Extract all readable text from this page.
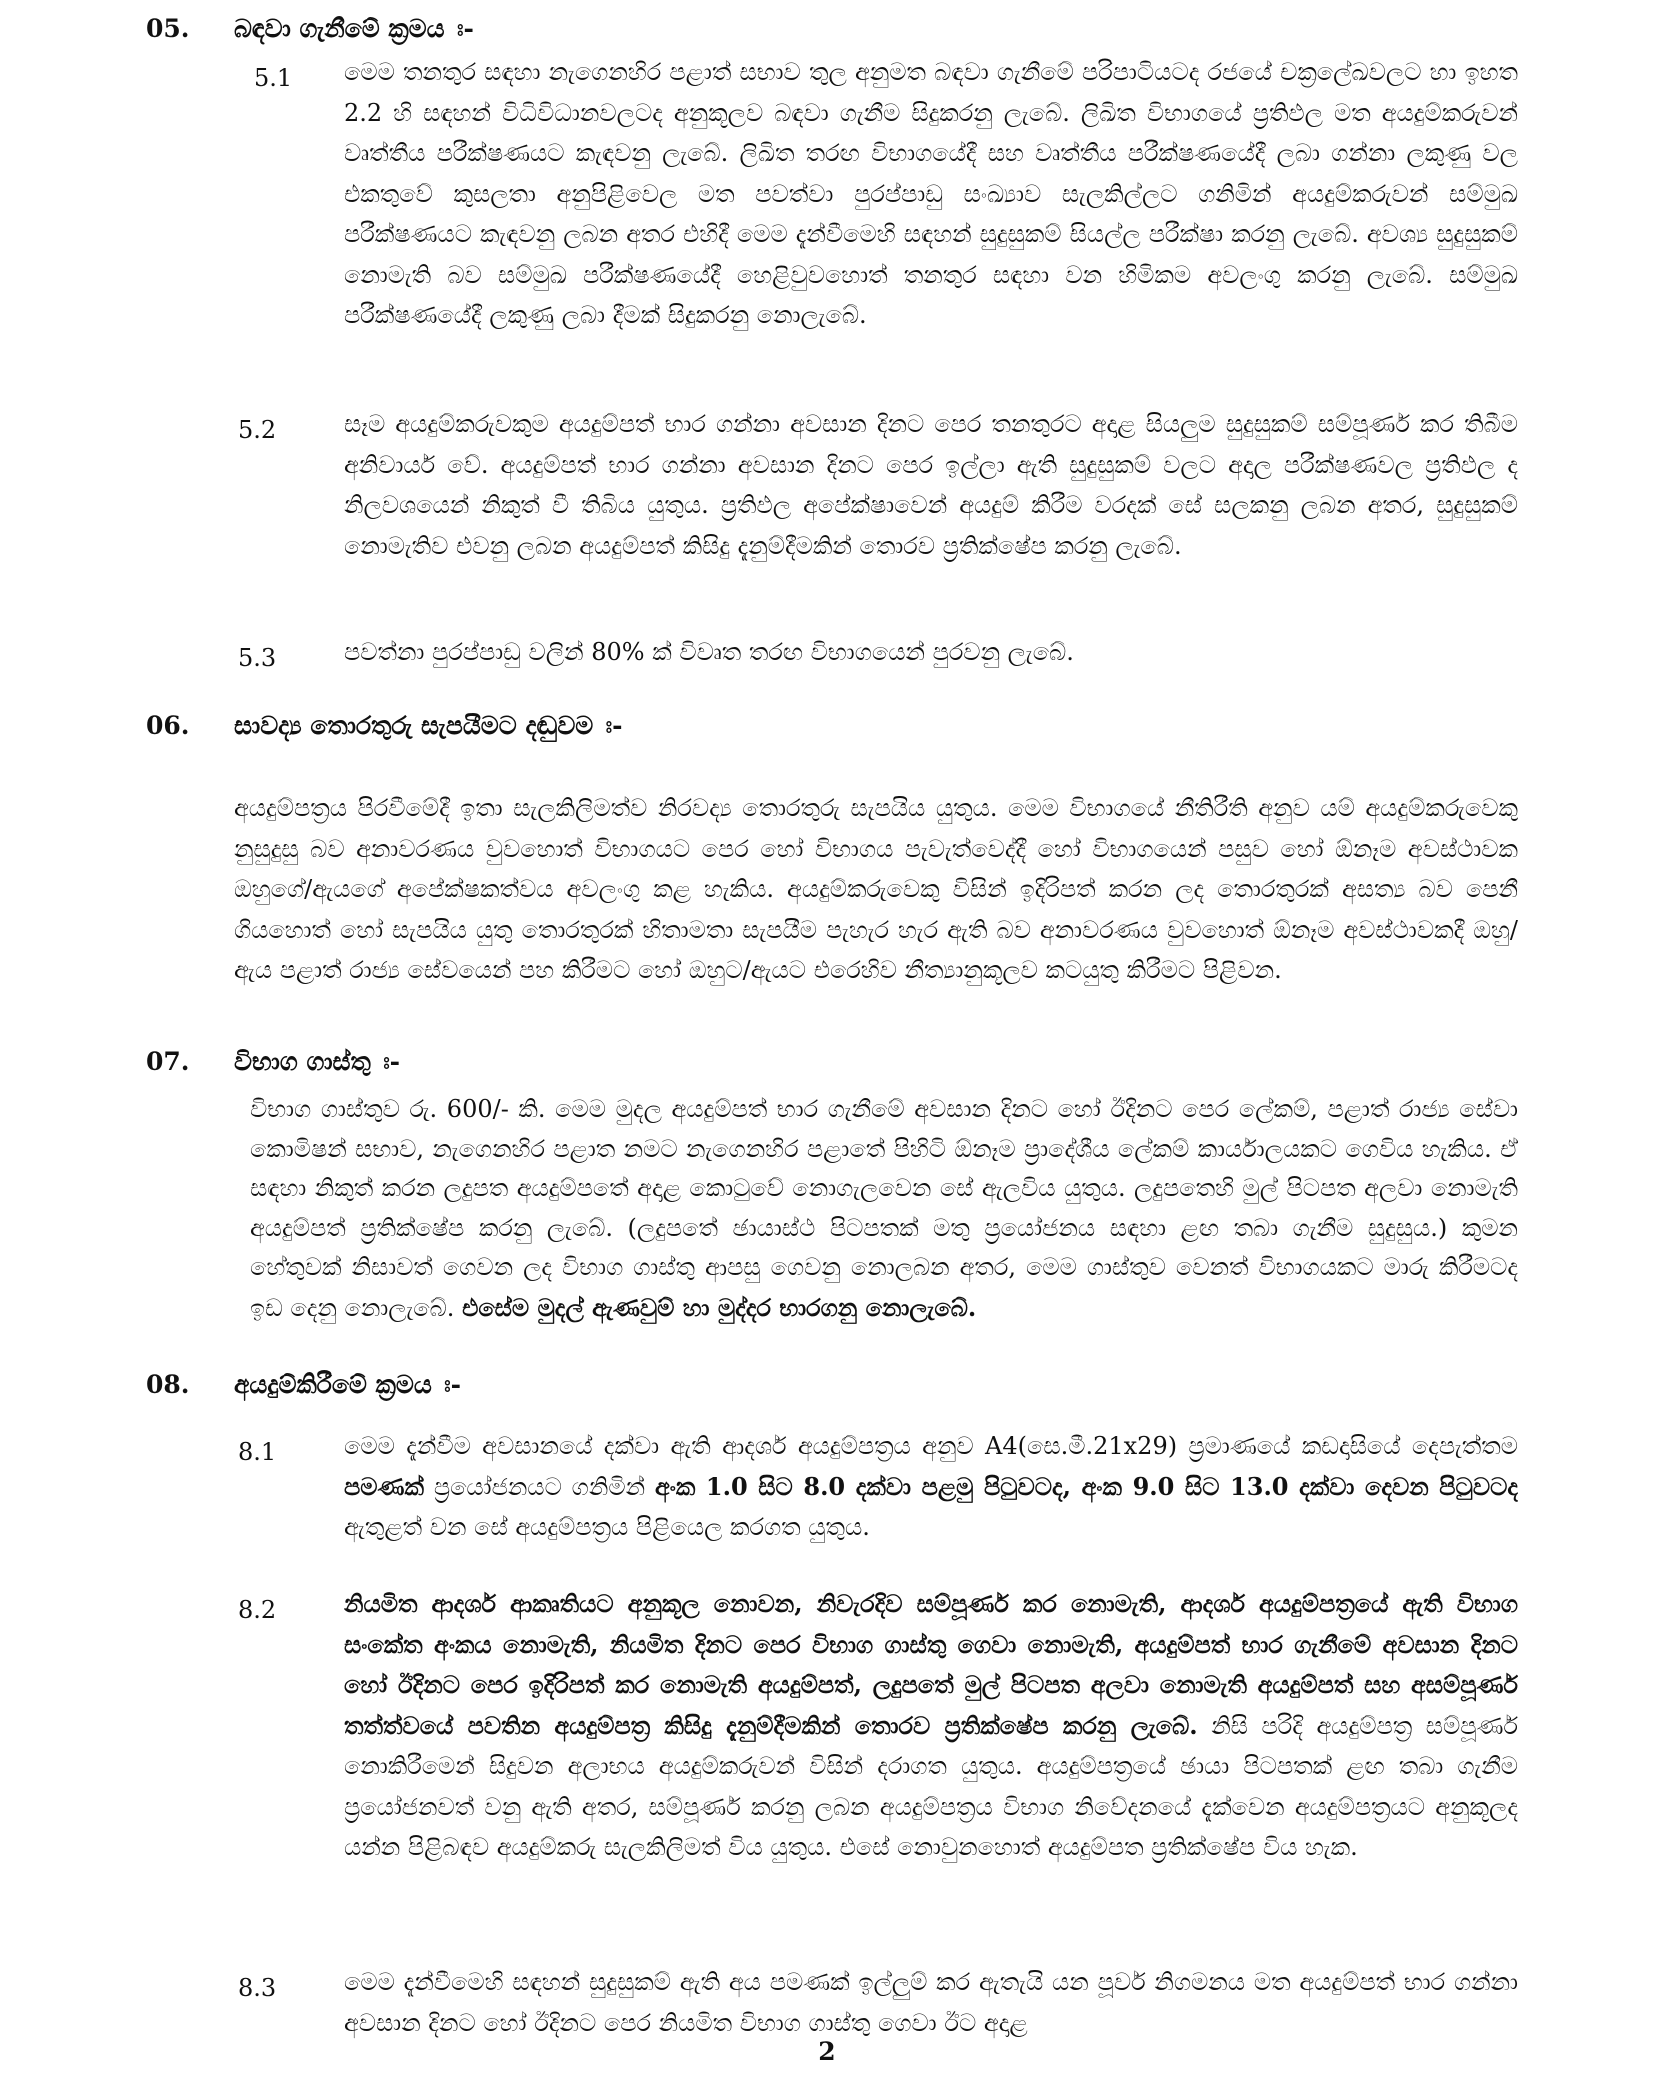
05. බඳවා ගැනීමේ ක්‍රමය ඃ-
5.1 මෙම තනතුර සඳහා නැගෙනහිර පළාත් සභාව තුල අනුමත බඳවා ගැනීමේ පරිපාටියටද රජයේ චක්‍රලේඛවලට හා ඉහත 2.2 හි සඳහන් විධිවිධානවලටද අනුකූලව බඳවා ගැනීම සිදුකරනු ලැබේ. ලිඛිත විභාගයේ ප්‍රතිඵල මත අයදුම්කරුවන් වෘත්තීය පරීක්ෂණයට කැඳවනු ලැබේ. ලිඛිත තරඟ විභාගයේදී සහ වෘත්තීය පරීක්ෂණයේදී ලබා ගන්නා ලකුණු වල එකතුවේ කුසලතා අනුපිළිවෙල මත පවත්වා පුරප්පාඩු සංඛ්‍යාව සැලකිල්ලට ගනිමින් අයදුම්කරුවන් සම්මුඛ පරීක්ෂණයට කැඳවනු ලබන අතර එහිදී මෙම දැන්වීමෙහි සඳහන් සුදුසුකම් සියල්ල පරීක්ෂා කරනු ලැබේ. අවශ්‍ය සුදුසුකම් නොමැති බව සම්මුඛ පරීක්ෂණයේදී හෙළිවුවහොත් තනතුර සඳහා වන හිමිකම අවලංගු කරනු ලැබේ. සම්මුඛ පරීක්ෂණයේදී ලකුණු ලබා දීමක් සිදුකරනු නොලැබේ.

5.2	සෑම අයදුම්කරුවකුම අයදුම්පත් භාර ගන්නා අවසාන දිනට පෙර තනතුරට අදාළ සියලුම සුදුසුකම් සම්පූර්ණ කර තිබීම අනිවාර්ය වේ. අයදුම්පත් භාර ගන්නා අවසාන දිනට පෙර ඉල්ලා ඇති සුදුසුකම් වලට අදාල පරීක්ෂණවල ප්‍රතිඵල ද නිලවශයෙන් නිකුත් වී තිබිය යුතුය. ප්‍රතිඵල අපේක්ෂාවෙන් අයදුම් කිරීම වරදක් සේ සලකනු ලබන අතර, සුදුසුකම් නොමැතිව එවනු ලබන අයදුම්පත් කිසිදු දැනුම්දීමකින් තොරව ප්‍රතික්ෂේප කරනු ලැබේ.

5.3	පවත්නා පුරප්පාඩු වලින් 80% ක් විවෘත තරඟ විභාගයෙන් පුරවනු ලැබේ.

06. සාවද්‍ය තොරතුරු සැපයීමට දඬුවම ඃ-

අයදුම්පත්‍රය පිරවීමේදී ඉතා සැලකිලිමත්ව නිරවද්‍ය තොරතුරු සැපයිය යුතුය. මෙම විභාගයේ නීතිරීති අනුව යම් අයදුම්කරුවෙකු නුසුදුසු බව අනාවරණය වුවහොත් විභාගයට පෙර හෝ විභාගය පැවැත්වෙද්දී හෝ විභාගයෙන් පසුව හෝ ඕනෑම අවස්ථාවක ඔහුගේ/ඇයගේ අපේක්ෂකත්වය අවලංගු කළ හැකිය. අයදුම්කරුවෙකු විසින් ඉදිරිපත් කරන ලද තොරතුරක් අසත්‍ය බව පෙනී ගියහොත් හෝ සැපයිය යුතු තොරතුරක් හිතාමතා සැපයීම පැහැර හැර ඇති බව අනාවරණය වුවහොත් ඕනෑම අවස්ථාවකදී ඔහු/ඇය පළාත් රාජ්‍ය සේවයෙන් පහ කිරීමට හෝ ඔහුට/ඇයට එරෙහිව නීත්‍යානුකූලව කටයුතු කිරීමට පිළිවන.

07. විභාග ගාස්තු ඃ-

විභාග ගාස්තුව රු. 600/- කි. මෙම මුදල අයදුම්පත් භාර ගැනීමේ අවසාන දිනට හෝ ඊදිනට පෙර ලේකම්, පළාත් රාජ්‍ය සේවා කොමිෂන් සභාව, නැගෙනහිර පළාත නමට නැගෙනහිර පළාතේ පිහිටි ඕනෑම ප්‍රාදේශීය ලේකම් කාර්යාලයකට ගෙවිය හැකිය. ඒ සඳහා නිකුත් කරන ලදුපත අයදුම්පතේ අදාළ කොටුවේ නොගැලවෙන සේ ඇලවිය යුතුය. ලදුපතෙහි මුල් පිටපත අලවා නොමැති අයදුම්පත් ප්‍රතික්ෂේප කරනු ලැබේ. (ලදුපතේ ඡායාස්ථ පිටපතක් මතු ප්‍රයෝජනය සඳහා ළඟ තබා ගැනීම සුදුසුය.) කුමන හේතුවක් නිසාවත් ගෙවන ලද විභාග ගාස්තු ආපසු ගෙවනු නොලබන අතර, මෙම ගාස්තුව වෙනත් විභාගයකට මාරු කිරීමටද ඉඩ දෙනු නොලැබේ. එසේම මුදල් ඇණවුම් හා මුද්දර භාරගනු නොලැබේ.

08. අයදුම්කිරීමේ ක්‍රමය ඃ-
8.1	මෙම දැන්වීම අවසානයේ දක්වා ඇති ආදර්ශ අයදුම්පත්‍රය අනුව A4(සෙ.මී.21x29) ප්‍රමාණයේ කඩදාසියේ දෙපැත්තම පමණක් ප්‍රයෝජනයට ගනිමින් අංක 1.0 සිට 8.0 දක්වා පළමු පිටුවටද, අංක 9.0 සිට 13.0 දක්වා දෙවන පිටුවටද ඇතුළත් වන සේ අයදුම්පත්‍රය පිළියෙල කරගත යුතුය.

8.2	නියමිත ආදර්ශ ආකෘතියට අනුකූල නොවන, නිවැරදිව සම්පූර්ණ කර නොමැති, ආදර්ශ අයදුම්පත්‍රයේ ඇති විභාග සංකේත අංකය නොමැති, නියමිත දිනට පෙර විභාග ගාස්තු ගෙවා නොමැති, අයදුම්පත් භාර ගැනීමේ අවසාන දිනට හෝ ඊදිනට පෙර ඉදිරිපත් කර නොමැති අයදුම්පත්, ලදුපතේ මුල් පිටපත අලවා නොමැති අයදුම්පත් සහ අසම්පූර්ණ තත්ත්වයේ පවතින අයදුම්පත්‍ර කිසිදු දැනුම්දීමකින් තොරව ප්‍රතික්ෂේප කරනු ලැබේ. නිසි පරිදි අයදුම්පත්‍ර සම්පූර්ණ නොකිරීමෙන් සිදුවන අලාභය අයදුම්කරුවන් විසින් දරාගත යුතුය. අයදුම්පත්‍රයේ ඡායා පිටපතක් ළඟ තබා ගැනීම ප්‍රයෝජනවත් වනු ඇති අතර, සම්පූර්ණ කරනු ලබන අයදුම්පත්‍රය විභාග නිවේදනයේ දැක්වෙන අයදුම්පත්‍රයට අනුකූලද යන්න පිළිබඳව අයදුම්කරු සැලකිලිමත් විය යුතුය. එසේ නොවුනහොත් අයදුම්පත ප්‍රතික්ෂේප විය හැක.

8.3	මෙම දැන්වීමෙහි සඳහන් සුදුසුකම් ඇති අය පමණක් ඉල්ලුම් කර ඇතැයි යන පූර්ව නිගමනය මත අයදුම්පත් භාර ගන්නා අවසාන දිනට හෝ ඊදිනට පෙර නියමිත විභාග ගාස්තු ගෙවා ඊට අදාළ

2
